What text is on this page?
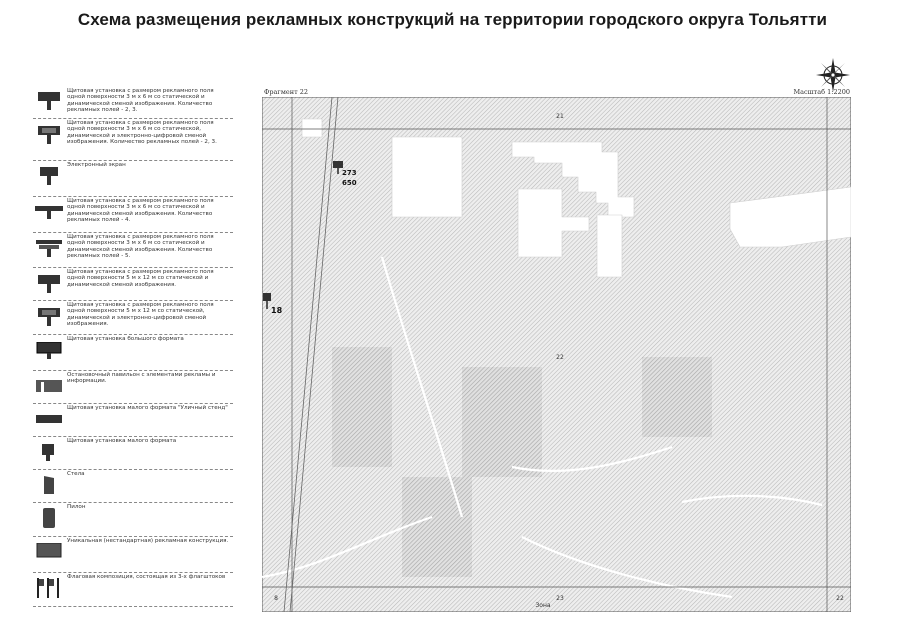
Схема размещения рекламных конструкций на территории городского округа Тольятти
Щитовая установка с размером рекламного поля одной поверхности 3 м х 6 м со статической и динамической сменой изображения. Количество рекламных полей - 2, 3.
Щитовая установка с размером рекламного поля одной поверхности 3 м х 6 м со статической, динамической и электронно-цифровой сменой изображения. Количество рекламных полей - 2, 3.
Электронный экран
Щитовая установка с размером рекламного поля одной поверхности 3 м х 6 м со статической и динамической сменой изображения. Количество рекламных полей - 4.
Щитовая установка с размером рекламного поля одной поверхности 3 м х 6 м со статической и динамической сменой изображения. Количество рекламных полей - 5.
Щитовая установка с размером рекламного поля одной поверхности 5 м х 12 м со статической и динамической сменой изображения.
Щитовая установка с размером рекламного поля одной поверхности 5 м х 12 м со статической, динамической и электронно-цифровой сменой изображения.
Щитовая установка большого формата
Остановочный павильон с элементами рекламы и информации.
Щитовая установка малого формата "Уличный стенд"
Щитовая установка малого формата
Стела
Пилон
Уникальная (нестандартная) рекламная конструкция.
Флаговая композиция, состоящая из 3-х флагштоков
Фрагмент 22	Масштаб 1:2200
21
22
8	23	22
Зона
273
650
18
